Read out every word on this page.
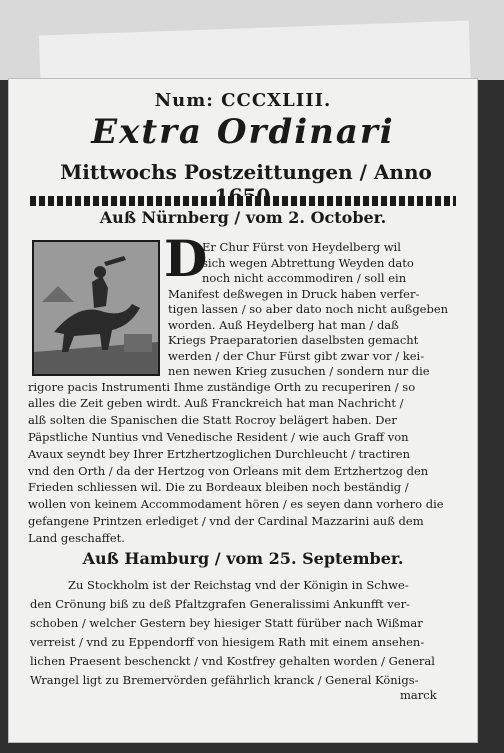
Num: CCCXLIII.
Extra Ordinari
Mittwochs Postzeittungen / Anno
Auß Nürnberg / vom 2. October.
D
Er Chur Fürst von Heydelberg wil
sich wegen Abtrettung Weyden dato
noch nicht accommodiren / soll ein
Manifest deßwegen in Druck haben verfer-
tigen lassen / so aber dato noch nicht außgeben
worden. Auß Heydelberg hat man / daß
Kriegs Praeparatorien daselbsten gemacht
werden / der Chur Fürst gibt zwar vor / kei-
nen newen Krieg zusuchen / sondern nur die
rigore pacis Instrumenti Ihme zuständige Orth zu recuperiren / so
alles die Zeit geben wirdt. Auß Franckreich hat man Nachricht /
alß solten die Spanischen die Statt Rocroy belägert haben. Der
Päpstliche Nuntius vnd Venedische Resident / wie auch Graff von
Avaux seyndt bey Ihrer Ertzhertzoglichen Durchleucht / tractiren
vnd den Orth / da der Hertzog von Orleans mit dem Ertzhertzog den
Frieden schliessen wil. Die zu Bordeaux bleiben noch beständig /
wollen von keinem Accommodament hören / es seyen dann vorhero die
gefangene Printzen erlediget / vnd der Cardinal Mazzarini auß dem
Land geschaffet.
Auß Hamburg / vom 25. September.
Zu Stockholm ist der Reichstag vnd der Königin in Schwe-
den Crönung biß zu deß Pfaltzgrafen Generalissimi Ankunfft ver-
schoben / welcher Gestern bey hiesiger Statt fürüber nach Wißmar
verreist / vnd zu Eppendorff von hiesigem Rath mit einem ansehen-
lichen Praesent beschenckt / vnd Kostfrey gehalten worden / General
Wrangel ligt zu Bremervörden gefährlich kranck / General Königs-
marck
